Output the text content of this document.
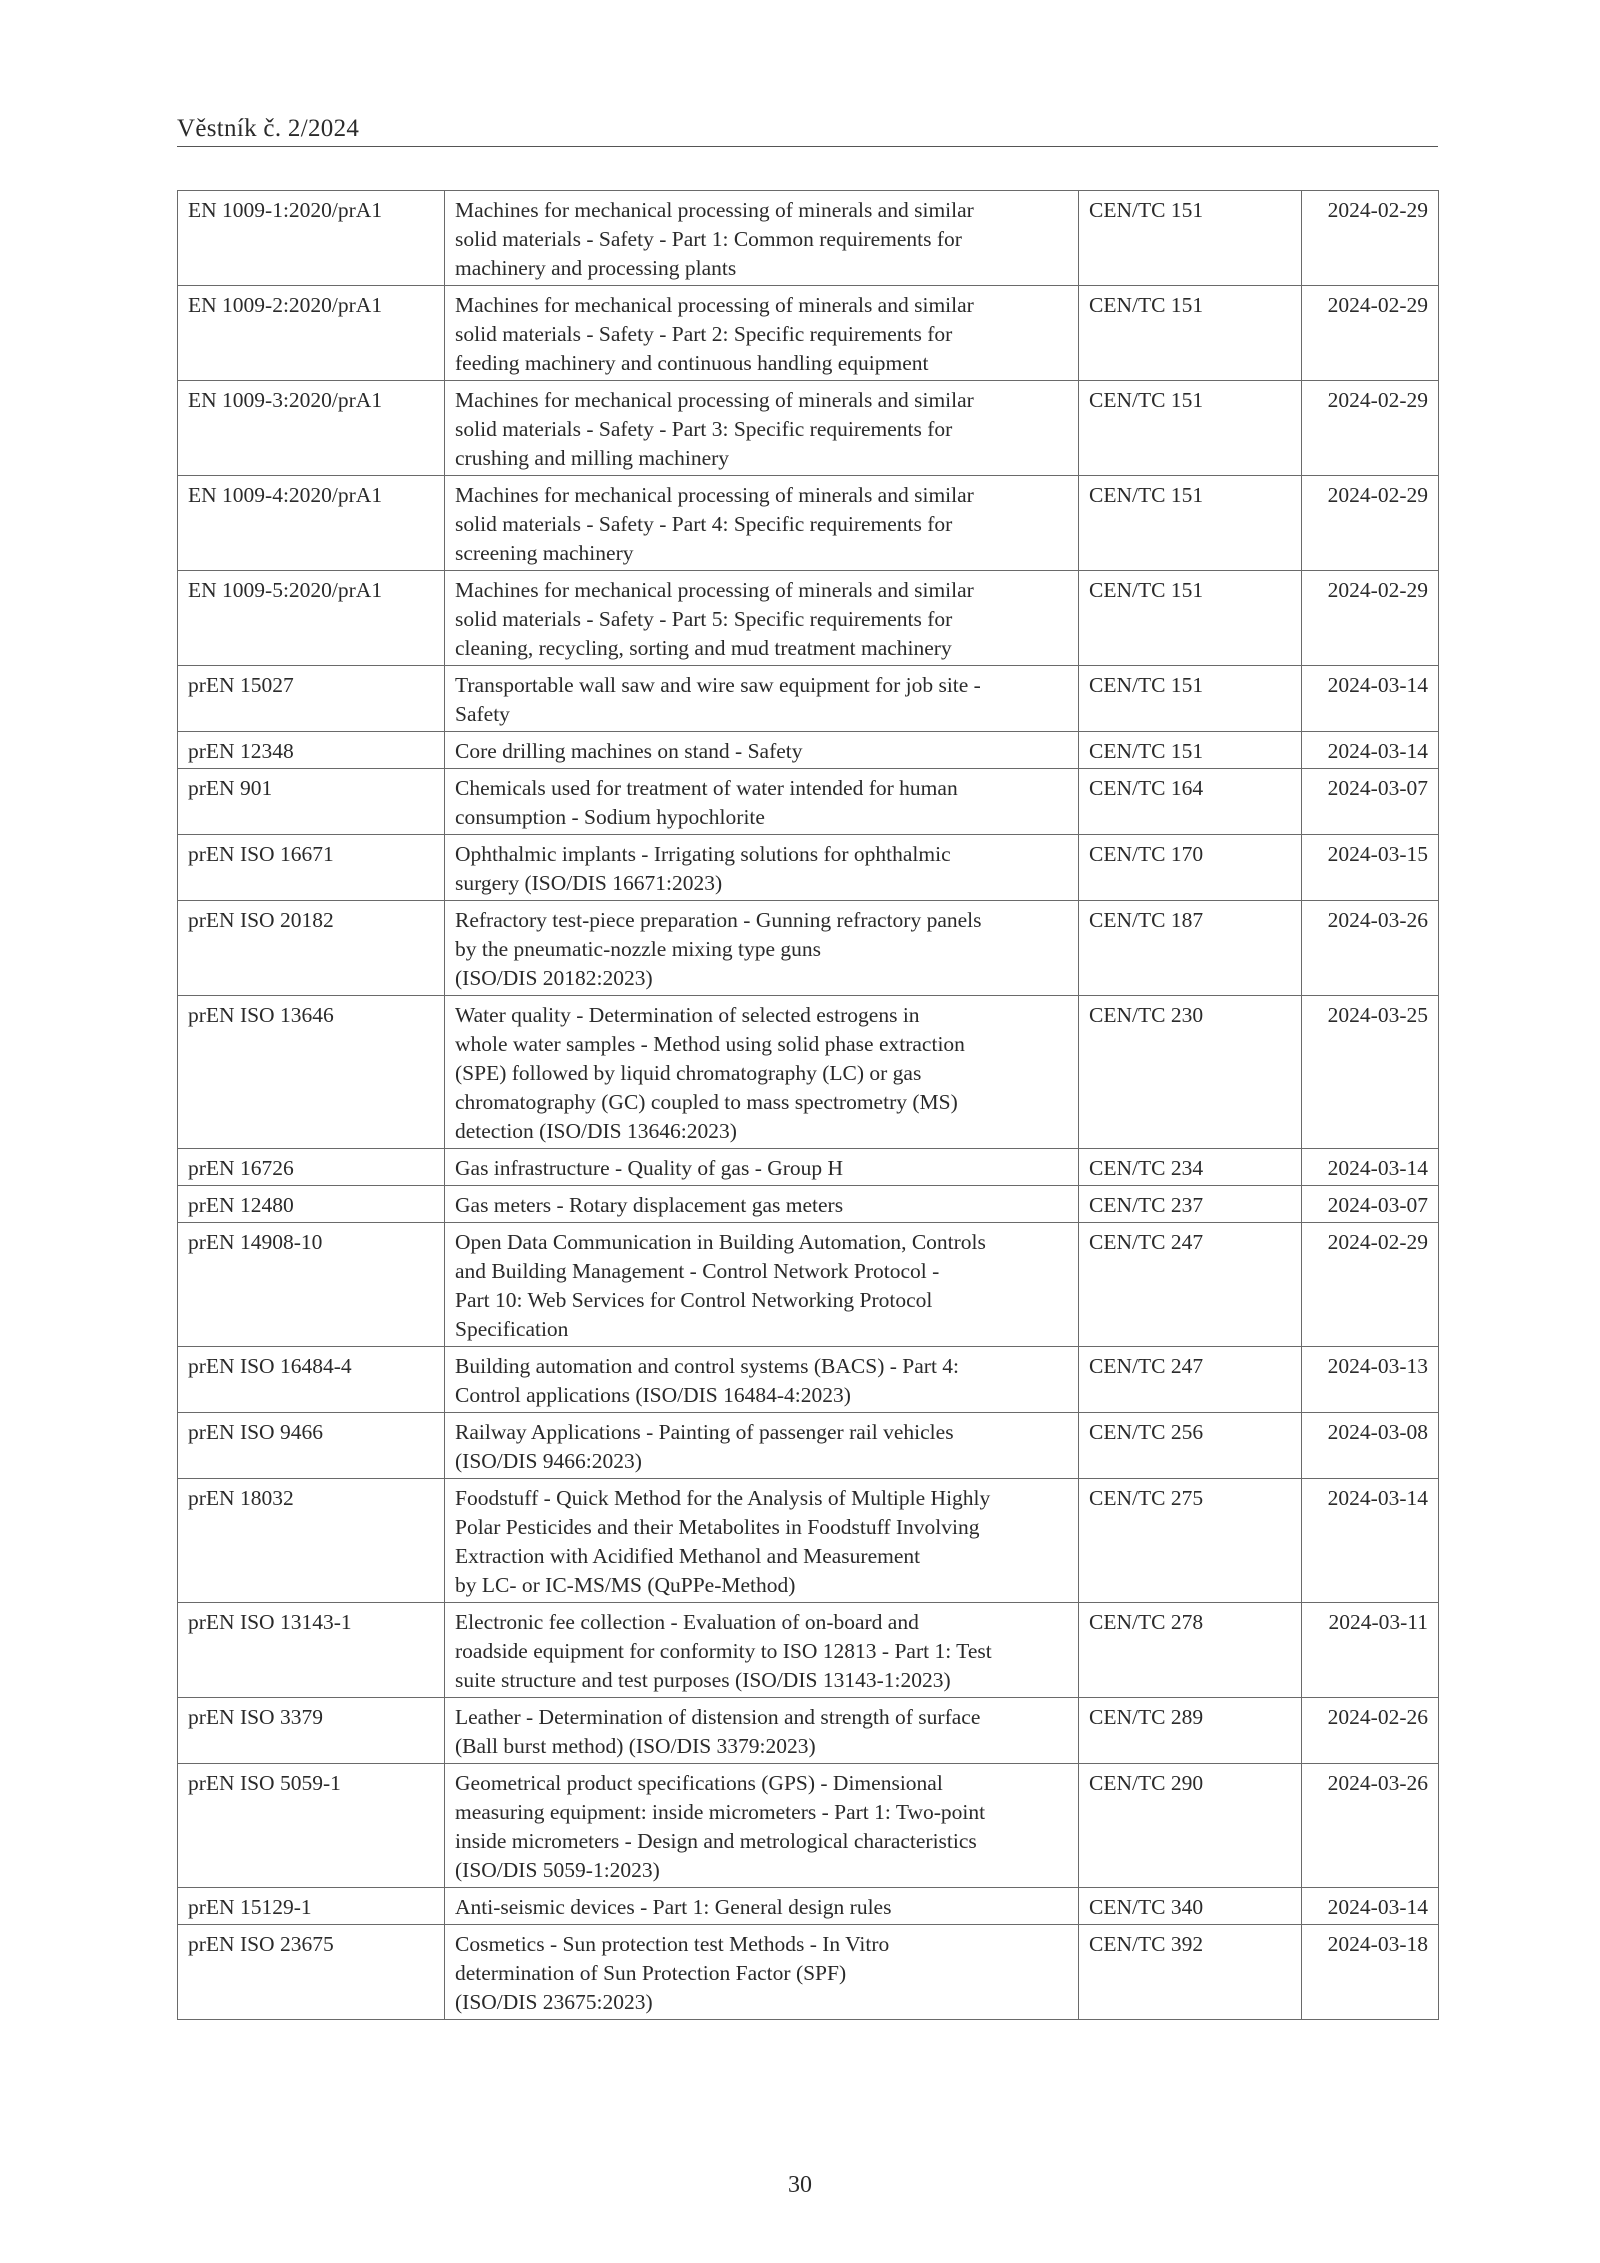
Věstník č. 2/2024
EN 1009-1:2020/prA1	Machines for mechanical processing of minerals and similar
solid materials - Safety - Part 1: Common requirements for
machinery and processing plants	CEN/TC 151	2024-02-29
EN 1009-2:2020/prA1	Machines for mechanical processing of minerals and similar
solid materials - Safety - Part 2: Specific requirements for
feeding machinery and continuous handling equipment	CEN/TC 151	2024-02-29
EN 1009-3:2020/prA1	Machines for mechanical processing of minerals and similar
solid materials - Safety - Part 3: Specific requirements for
crushing and milling machinery	CEN/TC 151	2024-02-29
EN 1009-4:2020/prA1	Machines for mechanical processing of minerals and similar
solid materials - Safety - Part 4: Specific requirements for
screening machinery	CEN/TC 151	2024-02-29
EN 1009-5:2020/prA1	Machines for mechanical processing of minerals and similar
solid materials - Safety - Part 5: Specific requirements for
cleaning, recycling, sorting and mud treatment machinery	CEN/TC 151	2024-02-29
prEN 15027	Transportable wall saw and wire saw equipment for job site -
Safety	CEN/TC 151	2024-03-14
prEN 12348	Core drilling machines on stand - Safety	CEN/TC 151	2024-03-14
prEN 901	Chemicals used for treatment of water intended for human
consumption - Sodium hypochlorite	CEN/TC 164	2024-03-07
prEN ISO 16671	Ophthalmic implants - Irrigating solutions for ophthalmic
surgery (ISO/DIS 16671:2023)	CEN/TC 170	2024-03-15
prEN ISO 20182	Refractory test-piece preparation - Gunning refractory panels
by the pneumatic-nozzle mixing type guns
(ISO/DIS 20182:2023)	CEN/TC 187	2024-03-26
prEN ISO 13646	Water quality - Determination of selected estrogens in
whole water samples - Method using solid phase extraction
(SPE) followed by liquid chromatography (LC) or gas
chromatography (GC) coupled to mass spectrometry (MS)
detection (ISO/DIS 13646:2023)	CEN/TC 230	2024-03-25
prEN 16726	Gas infrastructure - Quality of gas - Group H	CEN/TC 234	2024-03-14
prEN 12480	Gas meters - Rotary displacement gas meters	CEN/TC 237	2024-03-07
prEN 14908-10	Open Data Communication in Building Automation, Controls
and Building Management - Control Network Protocol -
Part 10: Web Services for Control Networking Protocol
Specification	CEN/TC 247	2024-02-29
prEN ISO 16484-4	Building automation and control systems (BACS) - Part 4:
Control applications (ISO/DIS 16484-4:2023)	CEN/TC 247	2024-03-13
prEN ISO 9466	Railway Applications - Painting of passenger rail vehicles
(ISO/DIS 9466:2023)	CEN/TC 256	2024-03-08
prEN 18032	Foodstuff - Quick Method for the Analysis of Multiple Highly
Polar Pesticides and their Metabolites in Foodstuff Involving
Extraction with Acidified Methanol and Measurement
by LC- or IC-MS/MS (QuPPe-Method)	CEN/TC 275	2024-03-14
prEN ISO 13143-1	Electronic fee collection - Evaluation of on-board and
roadside equipment for conformity to ISO 12813 - Part 1: Test
suite structure and test purposes (ISO/DIS 13143-1:2023)	CEN/TC 278	2024-03-11
prEN ISO 3379	Leather - Determination of distension and strength of surface
(Ball burst method) (ISO/DIS 3379:2023)	CEN/TC 289	2024-02-26
prEN ISO 5059-1	Geometrical product specifications (GPS) - Dimensional
measuring equipment: inside micrometers - Part 1: Two-point
inside micrometers - Design and metrological characteristics
(ISO/DIS 5059-1:2023)	CEN/TC 290	2024-03-26
prEN 15129-1	Anti-seismic devices - Part 1: General design rules	CEN/TC 340	2024-03-14
prEN ISO 23675	Cosmetics - Sun protection test Methods - In Vitro
determination of Sun Protection Factor (SPF)
(ISO/DIS 23675:2023)	CEN/TC 392	2024-03-18
30
